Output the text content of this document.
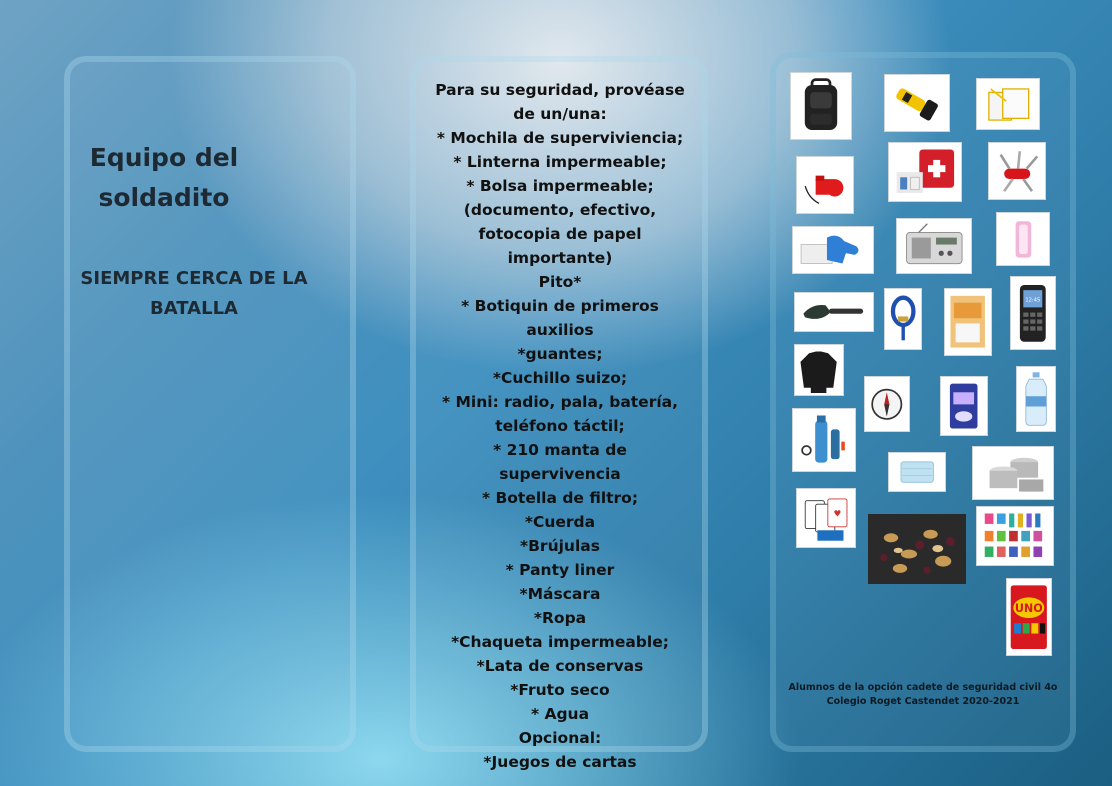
Equipo del
soldadito
SIEMPRE CERCA DE LA
BATALLA
Para su seguridad, provéase
de un/una:
* Mochila de superviviencia;
* Linterna impermeable;
* Bolsa impermeable;
(documento, efectivo,
fotocopia de papel
importante)
Pito*
* Botiquin de primeros
auxilios
*guantes;
*Cuchillo suizo;
* Mini: radio, pala, batería,
teléfono táctil;
* 210 manta de supervivencia
* Botella de filtro;
*Cuerda
*Brújulas
* Panty liner
*Máscara
*Ropa
*Chaqueta impermeable;
*Lata de conservas
*Fruto seco
* Agua
Opcional:
*Juegos de cartas
12:45
♥
UNO
Alumnos de la opción cadete de seguridad civil 4o
Colegio Roget Castendet 2020-2021
